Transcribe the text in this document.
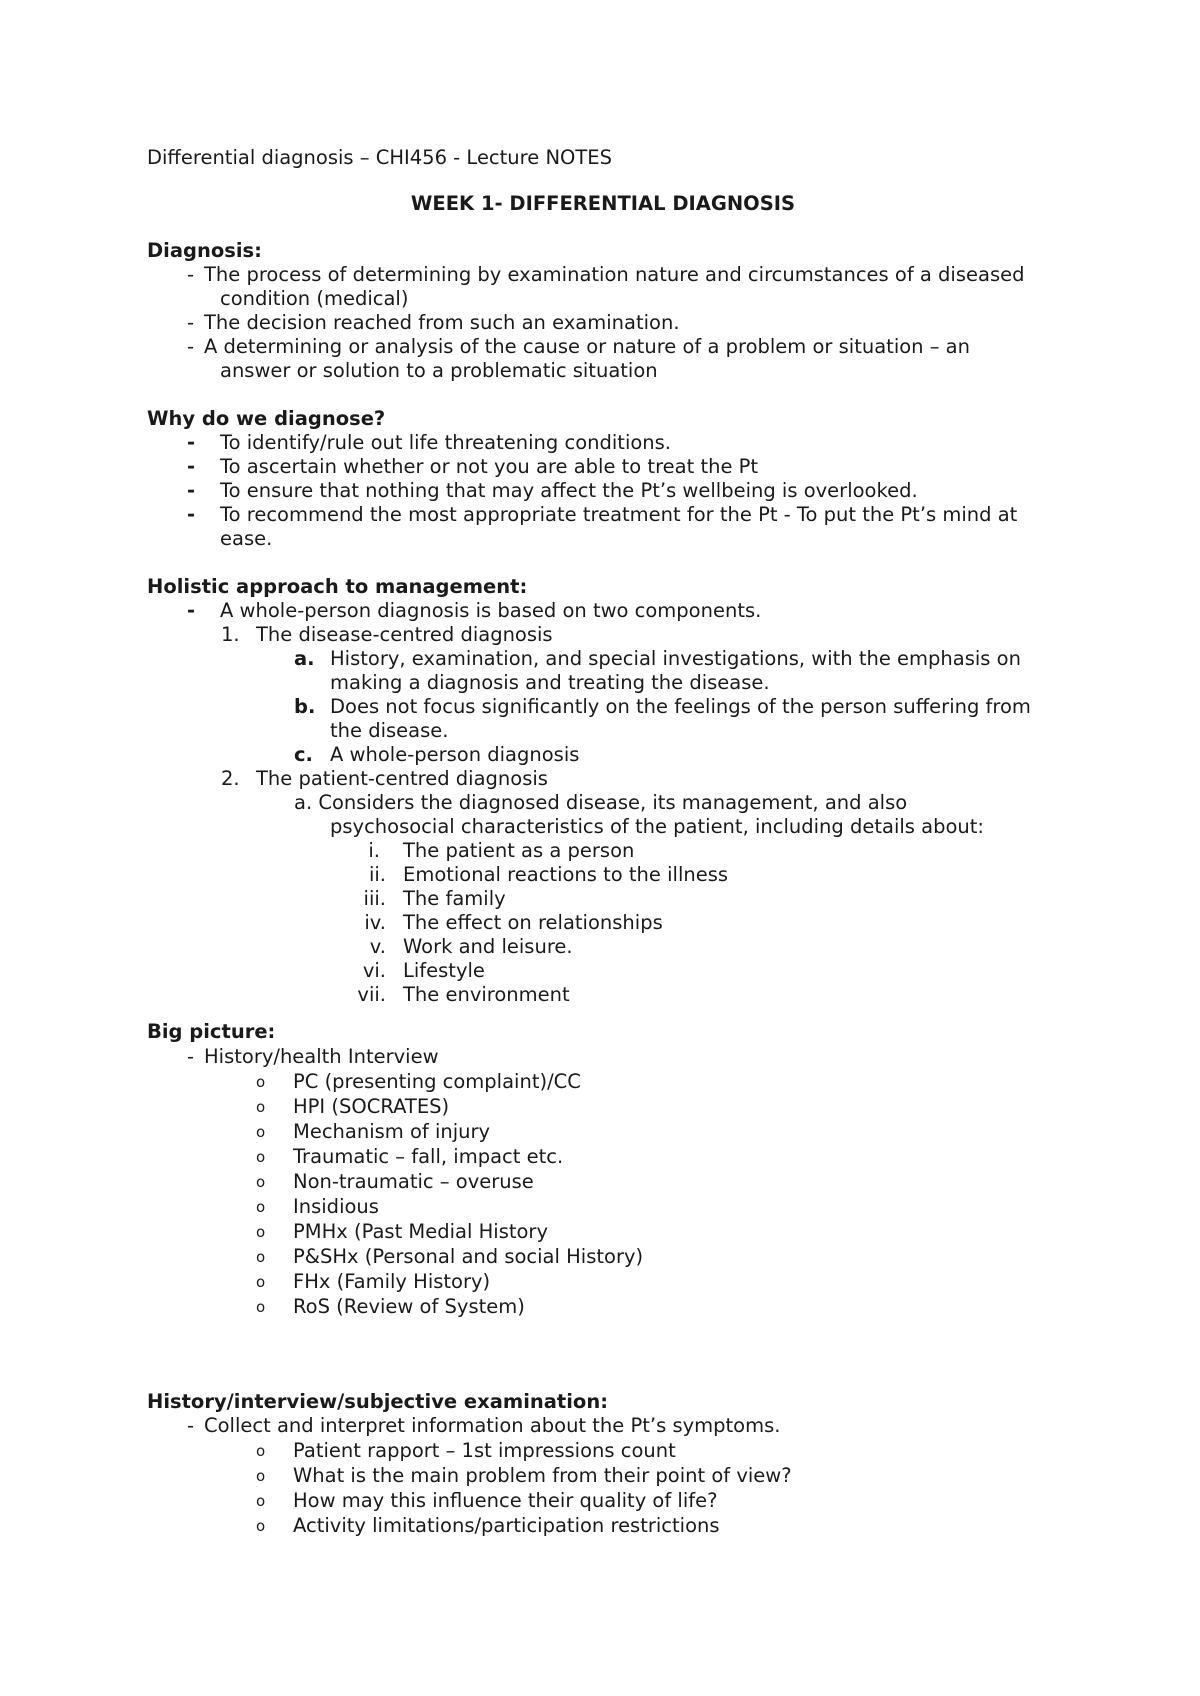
Differential diagnosis – CHI456 - Lecture NOTES
WEEK 1- DIFFERENTIAL DIAGNOSIS
Diagnosis:
- The process of determining by examination nature and circumstances of a diseased
condition (medical)
- The decision reached from such an examination.
- A determining or analysis of the cause or nature of a problem or situation – an
answer or solution to a problematic situation
Why do we diagnose?
- To identify/rule out life threatening conditions.
- To ascertain whether or not you are able to treat the Pt
- To ensure that nothing that may affect the Pt’s wellbeing is overlooked.
- To recommend the most appropriate treatment for the Pt - To put the Pt’s mind at
ease.
Holistic approach to management:
- A whole-person diagnosis is based on two components.
1. The disease-centred diagnosis
a. History, examination, and special investigations, with the emphasis on
making a diagnosis and treating the disease.
b. Does not focus significantly on the feelings of the person suffering from
the disease.
c. A whole-person diagnosis
2. The patient-centred diagnosis
a. Considers the diagnosed disease, its management, and also
psychosocial characteristics of the patient, including details about:
i. The patient as a person
ii. Emotional reactions to the illness
iii. The family
iv. The effect on relationships
v. Work and leisure.
vi. Lifestyle
vii. The environment
Big picture:
- History/health Interview
o PC (presenting complaint)/CC
o HPI (SOCRATES)
o Mechanism of injury
o Traumatic – fall, impact etc.
o Non-traumatic – overuse
o Insidious
o PMHx (Past Medial History
o P&SHx (Personal and social History)
o FHx (Family History)
o RoS (Review of System)
History/interview/subjective examination:
- Collect and interpret information about the Pt’s symptoms.
o Patient rapport – 1st impressions count
o What is the main problem from their point of view?
o How may this influence their quality of life?
o Activity limitations/participation restrictions
